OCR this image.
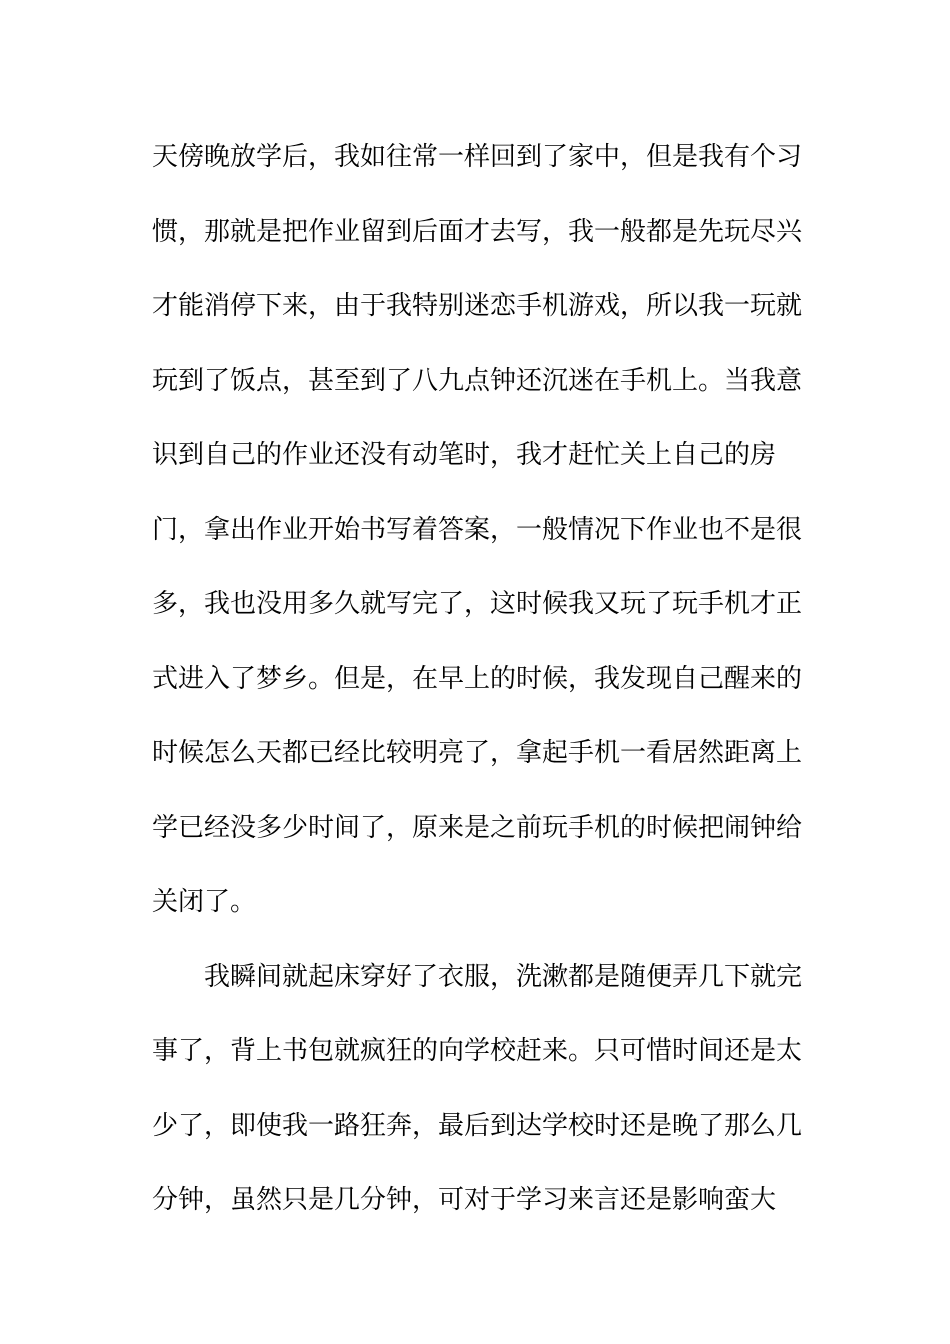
天傍晚放学后，我如往常一样回到了家中，但是我有个习
惯，那就是把作业留到后面才去写，我一般都是先玩尽兴
才能消停下来，由于我特别迷恋手机游戏，所以我一玩就
玩到了饭点，甚至到了八九点钟还沉迷在手机上。当我意
识到自己的作业还没有动笔时，我才赶忙关上自己的房
门，拿出作业开始书写着答案，一般情况下作业也不是很
多，我也没用多久就写完了，这时候我又玩了玩手机才正
式进入了梦乡。但是，在早上的时候，我发现自己醒来的
时候怎么天都已经比较明亮了，拿起手机一看居然距离上
学已经没多少时间了，原来是之前玩手机的时候把闹钟给
关闭了。
我瞬间就起床穿好了衣服，洗漱都是随便弄几下就完
事了，背上书包就疯狂的向学校赶来。只可惜时间还是太
少了，即使我一路狂奔，最后到达学校时还是晚了那么几
分钟，虽然只是几分钟，可对于学习来言还是影响蛮大
